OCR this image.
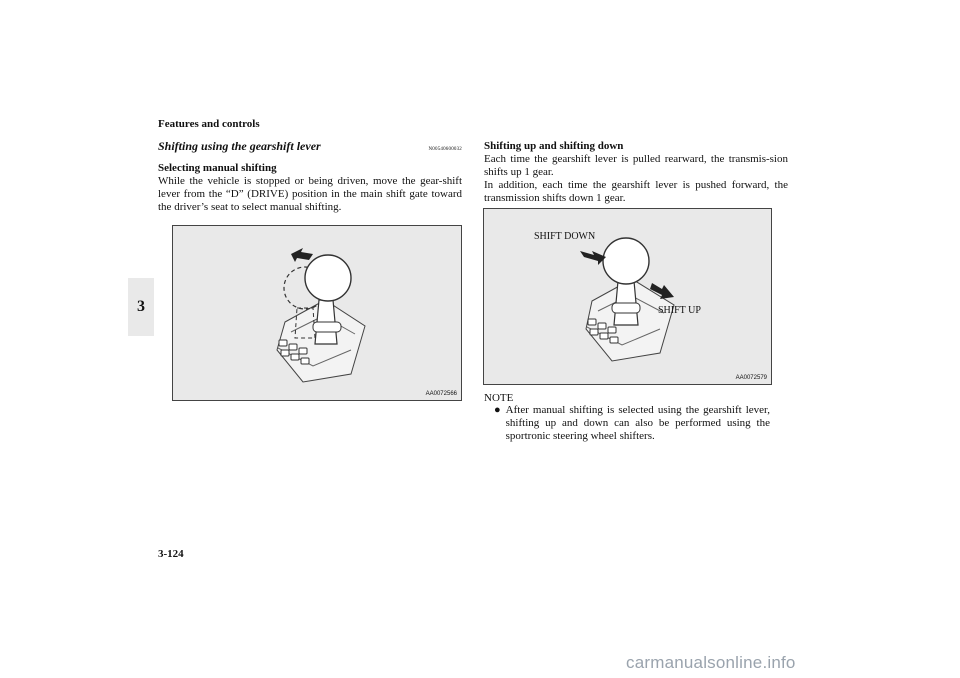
Features and controls
3
Shifting using the gearshift lever	N00540600032
Selecting manual shifting

While the vehicle is stopped or being driven, move the gear-shift lever from the “D” (DRIVE) position in the main shift gate toward the driver’s seat to select manual shifting.

AA0072566
Shifting up and shifting down

Each time the gearshift lever is pulled rearward, the transmis-sion shifts up 1 gear.

In addition, each time the gearshift lever is pushed forward, the transmission shifts down 1 gear.

SHIFT DOWN
SHIFT UP
AA0072579
NOTE
● After manual shifting is selected using the gearshift lever, shifting up and down can also be performed using the sportronic steering wheel shifters.
3-124
carmanualsonline.info
